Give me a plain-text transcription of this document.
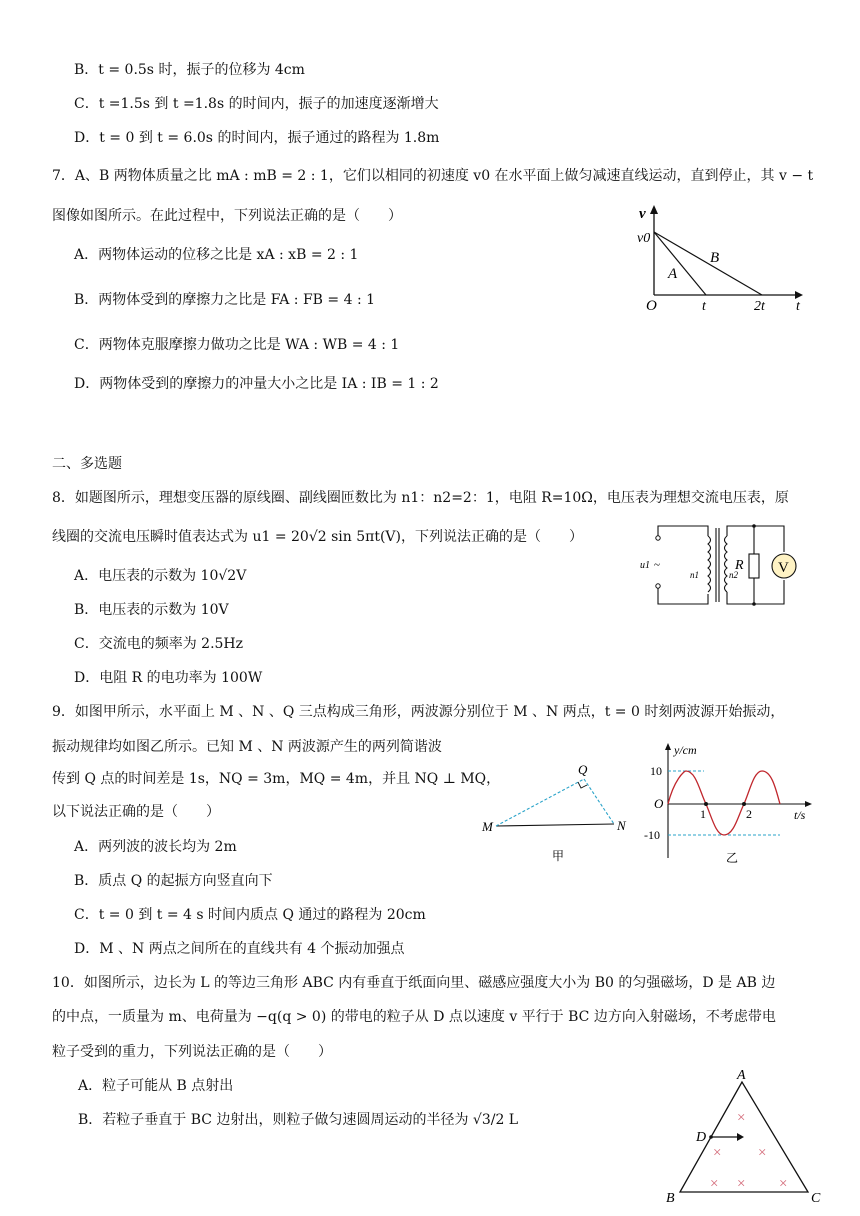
B．t = 0.5s 时，振子的位移为 4cm
C．t =1.5s 到 t =1.8s 的时间内，振子的加速度逐渐增大
D．t = 0 到 t = 6.0s 的时间内，振子通过的路程为 1.8m
7．A、B 两物体质量之比 mA : mB = 2 : 1，它们以相同的初速度 v0 在水平面上做匀减速直线运动，直到停止，其 v − t
图像如图所示。在此过程中，下列说法正确的是（　　）
A．两物体运动的位移之比是 xA : xB = 2 : 1
B．两物体受到的摩擦力之比是 FA : FB = 4 : 1
C．两物体克服摩擦力做功之比是 WA : WB = 4 : 1
D．两物体受到的摩擦力的冲量大小之比是 IA : IB = 1 : 2
二、多选题
8．如题图所示，理想变压器的原线圈、副线圈匝数比为 n1：n2=2：1，电阻 R=10Ω，电压表为理想交流电压表，原
线圈的交流电压瞬时值表达式为 u1 = 20√2 sin 5πt(V)，下列说法正确的是（　　）
A．电压表的示数为 10√2V
B．电压表的示数为 10V
C．交流电的频率为 2.5Hz
D．电阻 R 的电功率为 100W
9．如图甲所示，水平面上 M 、N 、Q 三点构成三角形，两波源分别位于 M 、N 两点，t = 0 时刻两波源开始振动，
振动规律均如图乙所示。已知 M 、N 两波源产生的两列简谐波
传到 Q 点的时间差是 1s，NQ = 3m，MQ = 4m，并且 NQ ⊥ MQ，
以下说法正确的是（　　）
A．两列波的波长均为 2m
B．质点 Q 的起振方向竖直向下
C．t = 0 到 t = 4 s 时间内质点 Q 通过的路程为 20cm
D．M 、N 两点之间所在的直线共有 4 个振动加强点
10．如图所示，边长为 L 的等边三角形 ABC 内有垂直于纸面向里、磁感应强度大小为 B0 的匀强磁场，D 是 AB 边
的中点，一质量为 m、电荷量为 −q(q > 0) 的带电的粒子从 D 点以速度 v 平行于 BC 边方向入射磁场，不考虑带电
粒子受到的重力，下列说法正确的是（　　）
A．粒子可能从 B 点射出
B．若粒子垂直于 BC 边射出，则粒子做匀速圆周运动的半径为 √3/2 L
v
v0
O	t	2t t
A
B
V
u1 ~
n1	n2
R
Q
M	N
甲
y/cm
10
-10
O
1	2	t/s
乙
A
B	C
D
×
× ×
× × ×
